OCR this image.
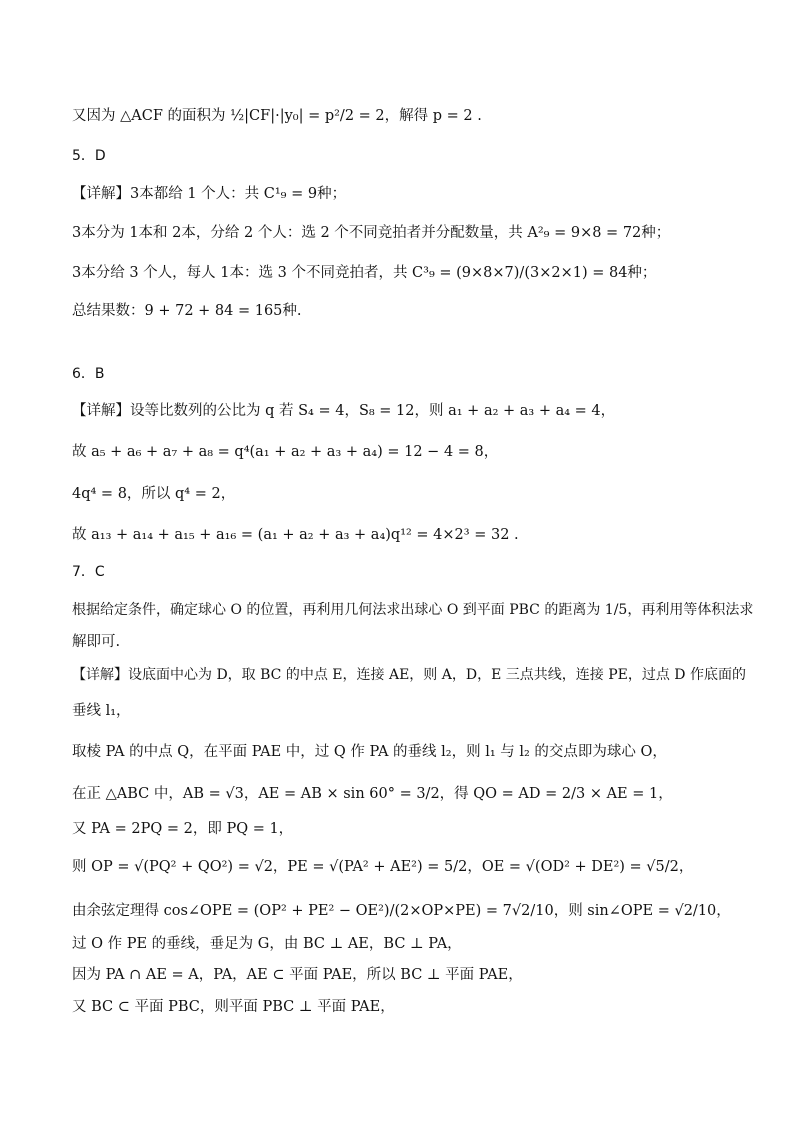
又因为 △ACF 的面积为 ½|CF|·|y₀| = p²/2 = 2，解得 p = 2 .
5．D
【详解】3本都给 1 个人：共 C¹₉ = 9种；
3本分为 1本和 2本，分给 2 个人：选 2 个不同竞拍者并分配数量，共 A²₉ = 9×8 = 72种；
3本分给 3 个人，每人 1本：选 3 个不同竞拍者，共 C³₉ = (9×8×7)/(3×2×1) = 84种；
总结果数：9 + 72 + 84 = 165种.
6．B
【详解】设等比数列的公比为 q 若 S₄ = 4，S₈ = 12，则 a₁ + a₂ + a₃ + a₄ = 4，
故 a₅ + a₆ + a₇ + a₈ = q⁴(a₁ + a₂ + a₃ + a₄) = 12 − 4 = 8，
4q⁴ = 8，所以 q⁴ = 2，
故 a₁₃ + a₁₄ + a₁₅ + a₁₆ = (a₁ + a₂ + a₃ + a₄)q¹² = 4×2³ = 32 .
7．C
根据给定条件，确定球心 O 的位置，再利用几何法求出球心 O 到平面 PBC 的距离为 1/5，再利用等体积法求
解即可.
【详解】设底面中心为 D，取 BC 的中点 E，连接 AE，则 A，D，E 三点共线，连接 PE，过点 D 作底面的
垂线 l₁，
取棱 PA 的中点 Q，在平面 PAE 中，过 Q 作 PA 的垂线 l₂，则 l₁ 与 l₂ 的交点即为球心 O，
在正 △ABC 中，AB = √3，AE = AB × sin 60° = 3/2，得 QO = AD = 2/3 × AE = 1，
又 PA = 2PQ = 2，即 PQ = 1，
则 OP = √(PQ² + QO²) = √2，PE = √(PA² + AE²) = 5/2，OE = √(OD² + DE²) = √5/2，
由余弦定理得 cos∠OPE = (OP² + PE² − OE²)/(2×OP×PE) = 7√2/10，则 sin∠OPE = √2/10，
过 O 作 PE 的垂线，垂足为 G，由 BC ⊥ AE，BC ⊥ PA，
因为 PA ∩ AE = A，PA，AE ⊂ 平面 PAE，所以 BC ⊥ 平面 PAE，
又 BC ⊂ 平面 PBC，则平面 PBC ⊥ 平面 PAE，
